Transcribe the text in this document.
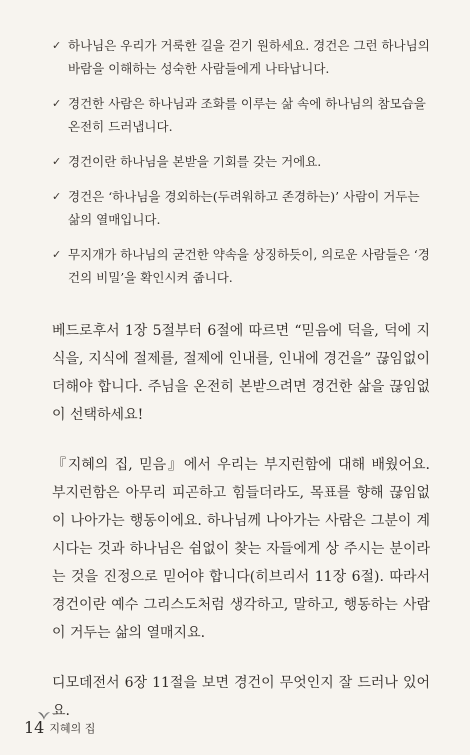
✓ 하나님은 우리가 거룩한 길을 걷기 원하세요. 경건은 그런 하나님의 바람을 이해하는 성숙한 사람들에게 나타납니다.
✓ 경건한 사람은 하나님과 조화를 이루는 삶 속에 하나님의 참모습을 온전히 드러냅니다.
✓ 경건이란 하나님을 본받을 기회를 갖는 거에요.
✓ 경건은 ‘하나님을 경외하는(두려워하고 존경하는)’ 사람이 거두는 삶의 열매입니다.
✓ 무지개가 하나님의 굳건한 약속을 상징하듯이, 의로운 사람들은 ‘경건의 비밀’을 확인시켜 줍니다.

베드로후서 1장 5절부터 6절에 따르면 “믿음에 덕을, 덕에 지식을, 지식에 절제를, 절제에 인내를, 인내에 경건을” 끊임없이 더해야 합니다. 주님을 온전히 본받으려면 경건한 삶을 끊임없이 선택하세요!

『지혜의 집, 믿음』에서 우리는 부지런함에 대해 배웠어요. 부지런함은 아무리 피곤하고 힘들더라도, 목표를 향해 끊임없이 나아가는 행동이에요. 하나님께 나아가는 사람은 그분이 계시다는 것과 하나님은 쉼없이 찾는 자들에게 상 주시는 분이라는 것을 진정으로 믿어야 합니다(히브리서 11장 6절). 따라서 경건이란 예수 그리스도처럼 생각하고, 말하고, 행동하는 사람이 거두는 삶의 열매지요.

디모데전서 6장 11절을 보면 경건이 무엇인지 잘 드러나 있어요.

14 지혜의 집
